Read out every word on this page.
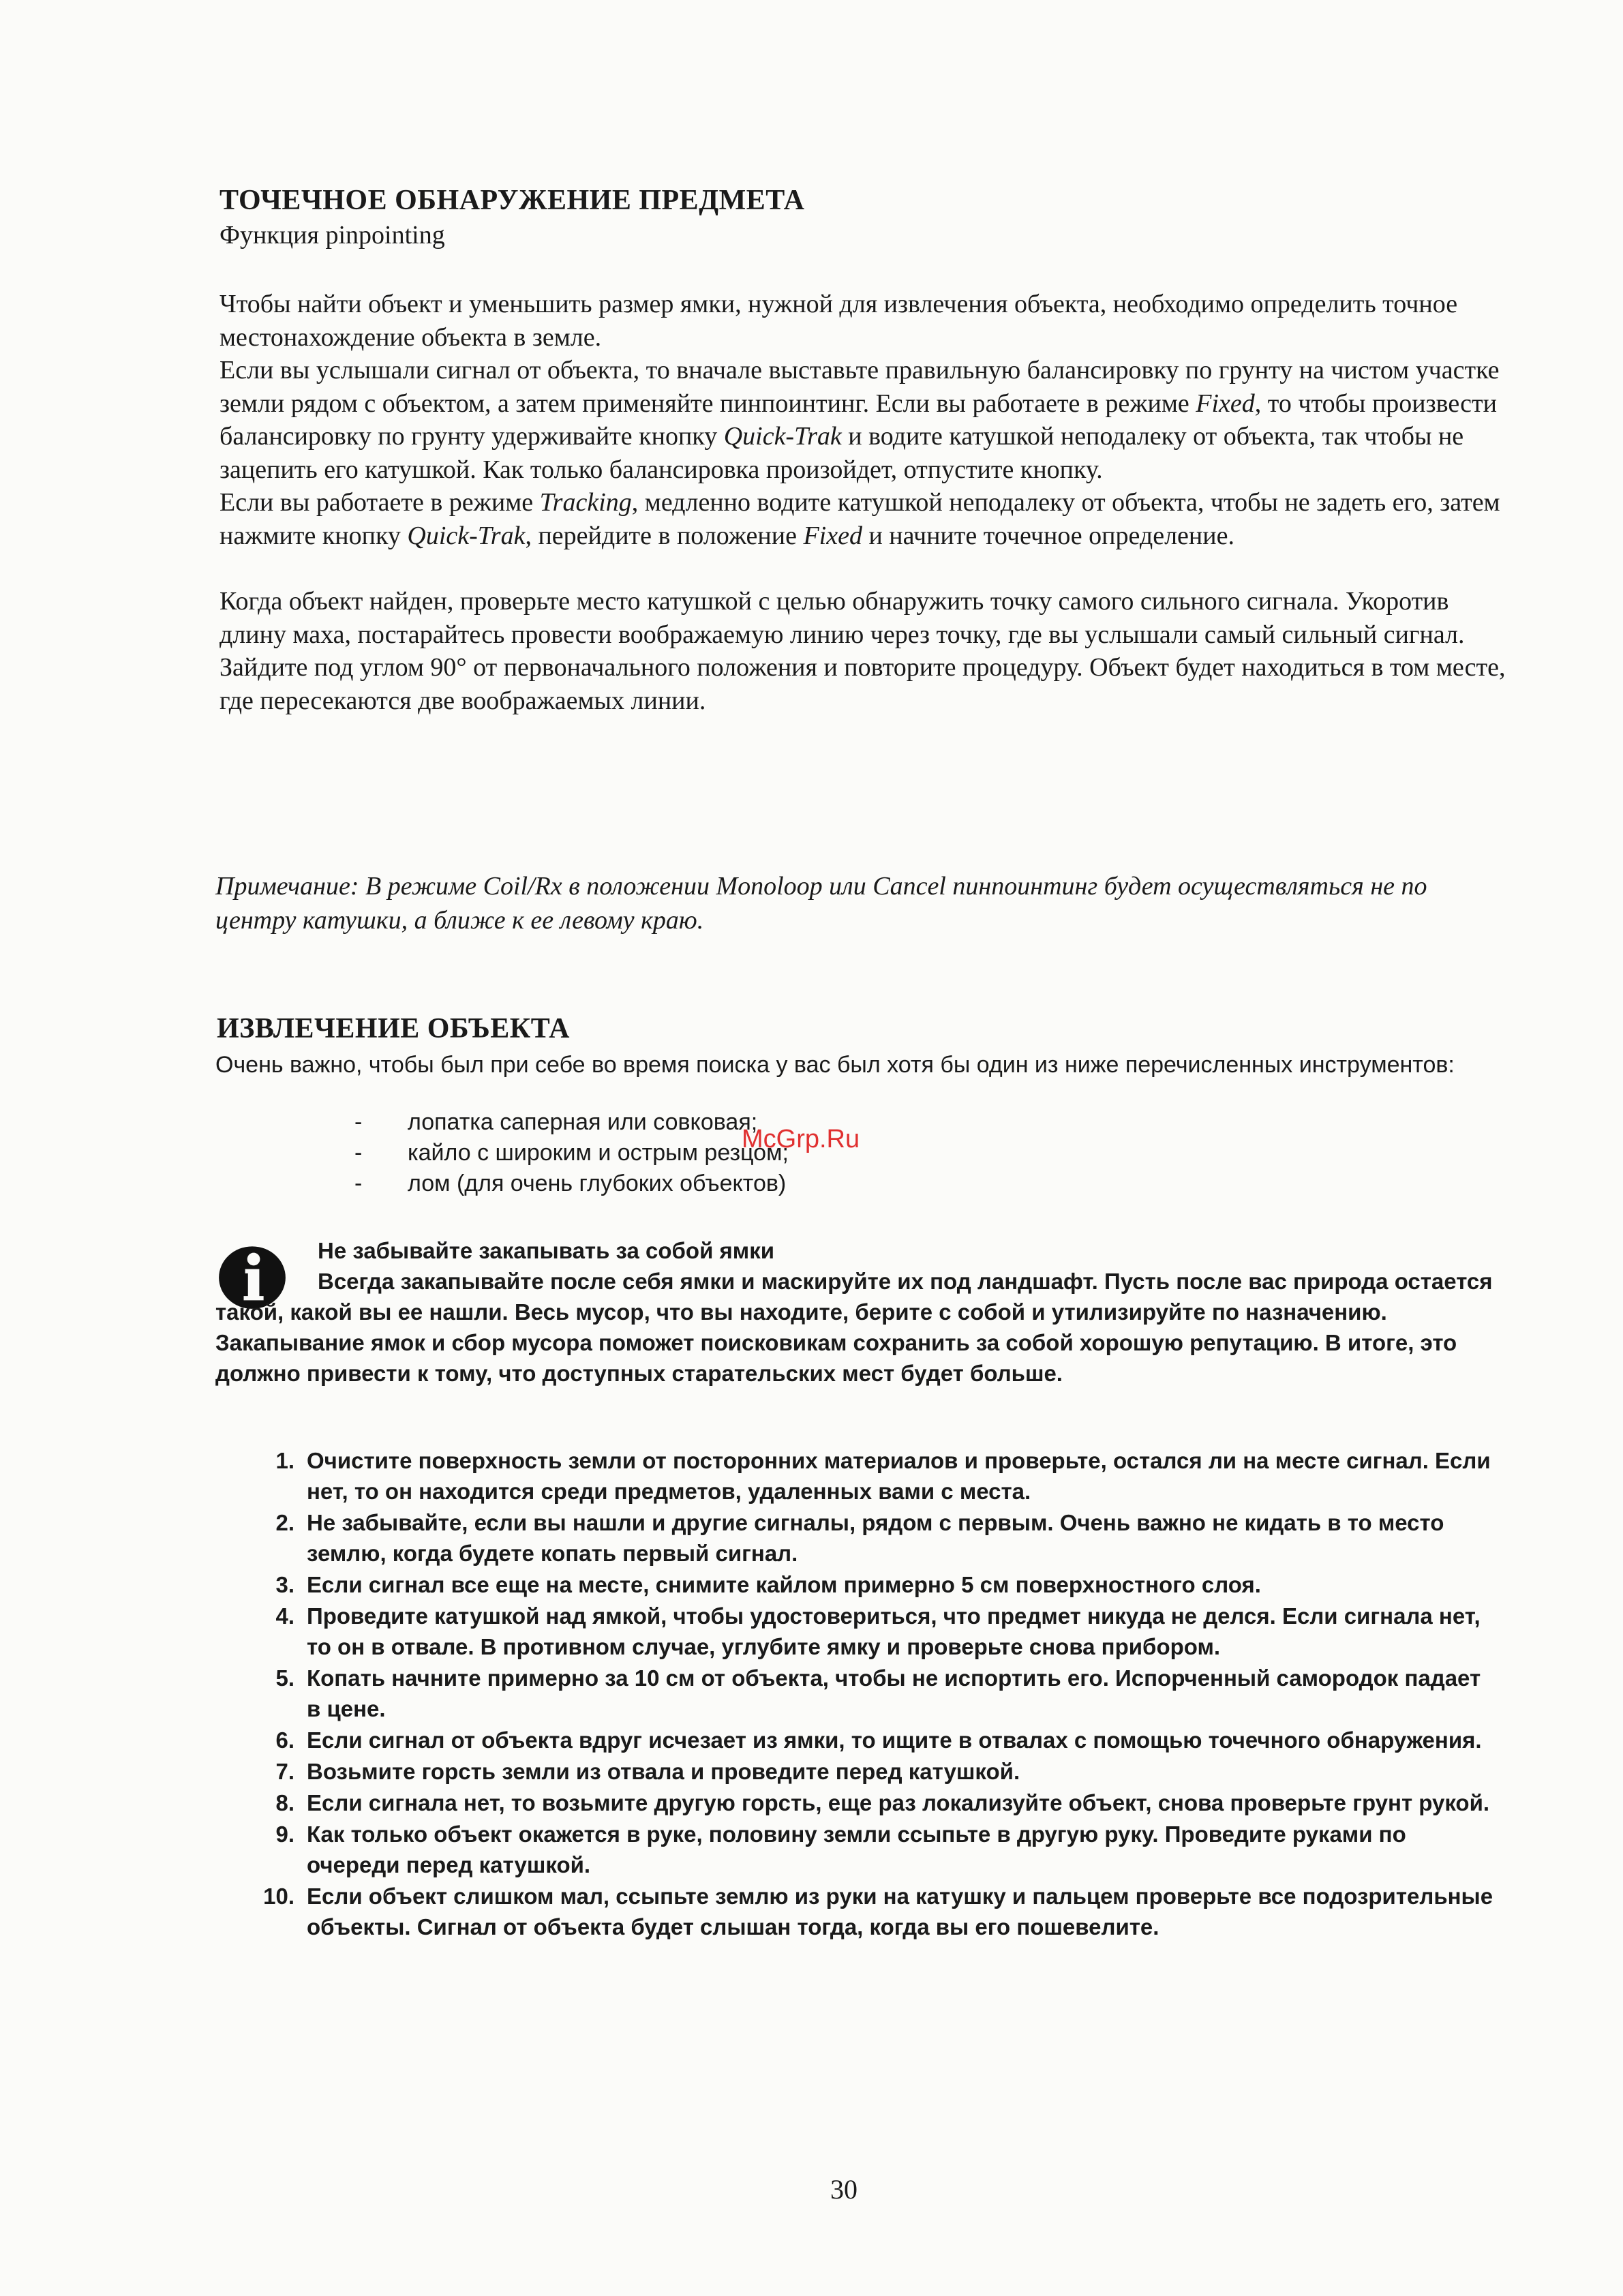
ТОЧЕЧНОЕ ОБНАРУЖЕНИЕ ПРЕДМЕТА
Функция pinpointing

Чтобы найти объект и уменьшить размер ямки, нужной для извлечения объекта, необходимо определить точное местонахождение объекта в земле.

Если вы услышали сигнал от объекта, то вначале выставьте правильную балансировку по грунту на чистом участке земли рядом с объектом, а затем применяйте пинпоинтинг. Если вы работаете в режиме Fixed, то чтобы произвести балансировку по грунту удерживайте кнопку Quick-Trak и водите катушкой неподалеку от объекта, так чтобы не зацепить его катушкой. Как только балансировка произойдет, отпустите кнопку.

Если вы работаете в режиме Tracking, медленно водите катушкой неподалеку от объекта, чтобы не задеть его, затем нажмите кнопку Quick-Trak, перейдите в положение Fixed и начните точечное определение.

Когда объект найден, проверьте место катушкой с целью обнаружить точку самого сильного сигнала. Укоротив длину маха, постарайтесь провести воображаемую линию через точку, где вы услышали самый сильный сигнал.

Зайдите под углом 90° от первоначального положения и повторите процедуру. Объект будет находиться в том месте, где пересекаются две воображаемых линии.

Примечание: В режиме Coil/Rx в положении Monoloop или Cancel пинпоинтинг будет осуществляться не по центру катушки, а ближе к ее левому краю.
ИЗВЛЕЧЕНИЕ ОБЪЕКТА
Очень важно, чтобы был при себе во время поиска у вас был хотя бы один из ниже перечисленных инструментов:
- лопатка саперная или совковая;
- кайло с широким и острым резцом;
- лом (для очень глубоких объектов)
Не забывайте закапывать за собой ямки
Всегда закапывайте после себя ямки и маскируйте их под ландшафт. Пусть после вас природа остается такой, какой вы ее нашли. Весь мусор, что вы находите, берите с собой и утилизируйте по назначению. Закапывание ямок и сбор мусора поможет поисковикам сохранить за собой хорошую репутацию. В итоге, это должно привести к тому, что доступных старательских мест будет больше.
1. Очистите поверхность земли от посторонних материалов и проверьте, остался ли на месте сигнал. Если нет, то он находится среди предметов, удаленных вами с места.
2. Не забывайте, если вы нашли и другие сигналы, рядом с первым. Очень важно не кидать в то место землю, когда будете копать первый сигнал.
3. Если сигнал все еще на месте, снимите кайлом примерно 5 см поверхностного слоя.
4. Проведите катушкой над ямкой, чтобы удостовериться, что предмет никуда не делся. Если сигнала нет, то он в отвале. В противном случае, углубите ямку и проверьте снова прибором.
5. Копать начните примерно за 10 см от объекта, чтобы не испортить его. Испорченный самородок падает в цене.
6. Если сигнал от объекта вдруг исчезает из ямки, то ищите в отвалах с помощью точечного обнаружения.
7. Возьмите горсть земли из отвала и проведите перед катушкой.
8. Если сигнала нет, то возьмите другую горсть, еще раз локализуйте объект, снова проверьте грунт рукой.
9. Как только объект окажется в руке, половину земли ссыпьте в другую руку. Проведите руками по очереди перед катушкой.
10. Если объект слишком мал, ссыпьте землю из руки на катушку и пальцем проверьте все подозрительные объекты. Сигнал от объекта будет слышан тогда, когда вы его пошевелите.
McGrp.Ru
30
